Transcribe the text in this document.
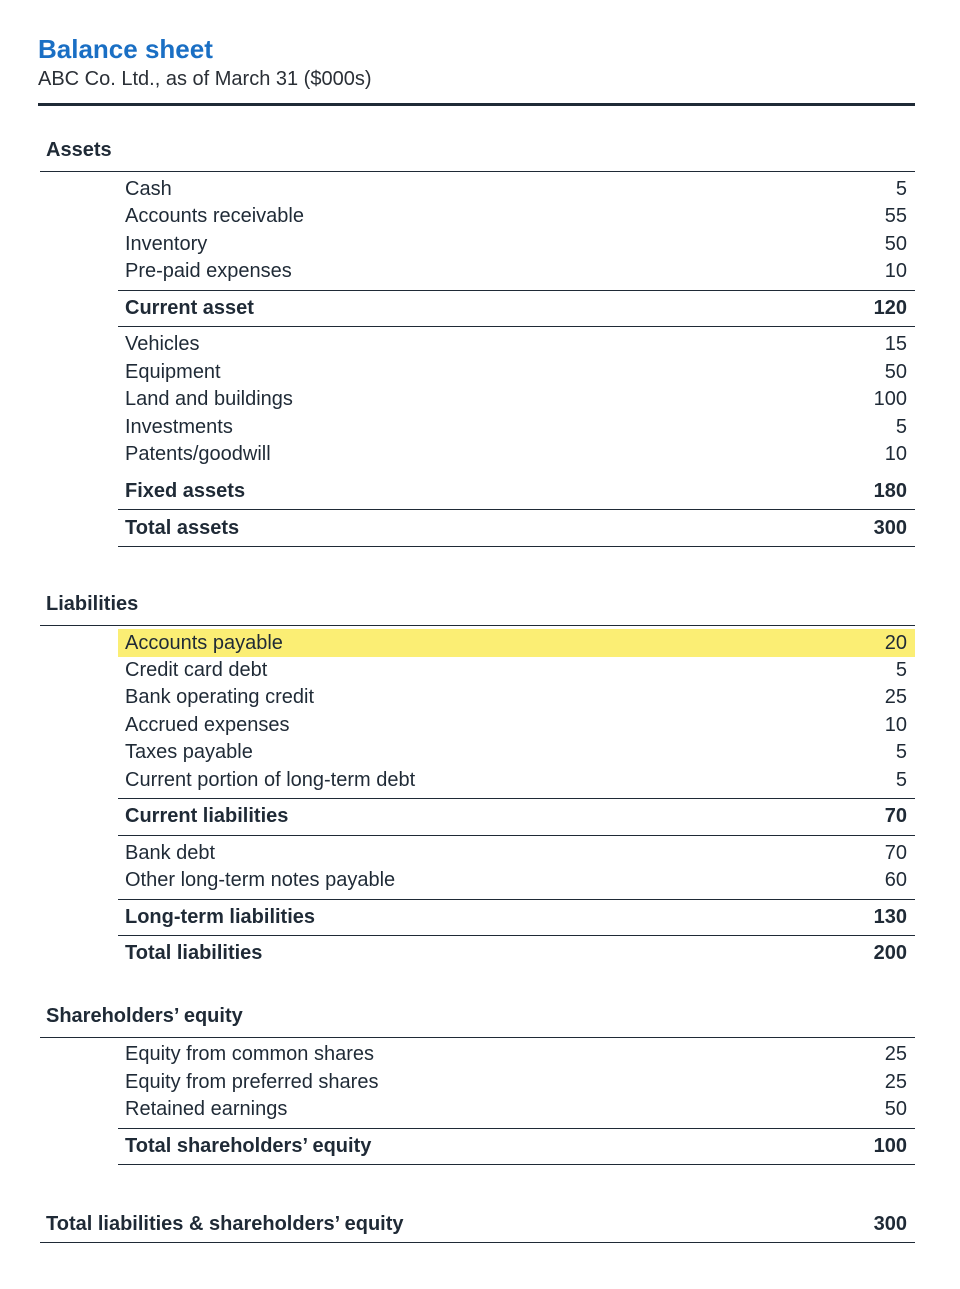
Balance sheet
ABC Co. Ltd., as of March 31 ($000s)
Assets
Cash	5
Accounts receivable	55
Inventory	50
Pre-paid expenses	10
Current asset	120
Vehicles	15
Equipment	50
Land and buildings	100
Investments	5
Patents/goodwill	10
Fixed assets	180
Total assets	300
Liabilities
Accounts payable	20
Credit card debt	5
Bank operating credit	25
Accrued expenses	10
Taxes payable	5
Current portion of long-term debt	5
Current liabilities	70
Bank debt	70
Other long-term notes payable	60
Long-term liabilities	130
Total liabilities	200
Shareholders’ equity
Equity from common shares	25
Equity from preferred shares	25
Retained earnings	50
Total shareholders’ equity	100
Total liabilities & shareholders’ equity	300
